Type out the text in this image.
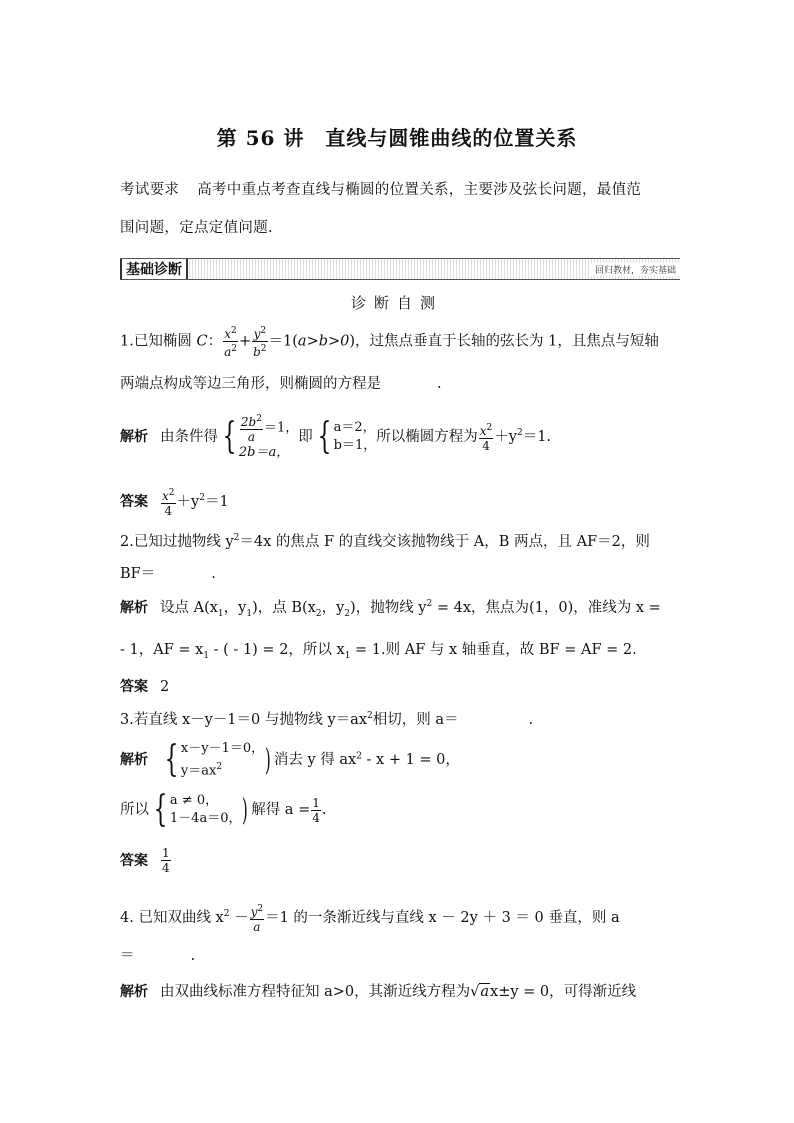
第 56 讲　直线与圆锥曲线的位置关系
考试要求 高考中重点考查直线与椭圆的位置关系，主要涉及弦长问题，最值范
围问题，定点定值问题.
基础诊断	回归教材，夯实基础
诊断自测
1.已知椭圆 C： $\frac{x^2}{a^2} + \frac{y^2}{b^2} =1(a>b>0)$，过焦点垂直于长轴的弦长为 1，且焦点与短轴
两端点构成等边三角形，则椭圆的方程是	.
解析 由条件得 { $\frac{2b^2}{a} =1$，
2b＝a，
即 { a＝2，
b＝1，
所以椭圆方程为 $\frac{x^2}{4} +y^2=1$.
答案 $\frac{x^2}{4} +y^2=1$
2.已知过抛物线 $y^2=4x$ 的焦点 F 的直线交该抛物线于 A，B 两点，且 AF＝2，则
BF＝	.
解析 设点 $A(x_1$，$y_1$)，点 $B(x_2$，$y_2$)，抛物线 $y^2 = 4x$，焦点为(1，0)，准线为 x =
- 1，AF = $x_1$ - ( - 1) = 2，所以 $x_1 = 1$.则 AF 与 x 轴垂直，故 BF = AF = 2.
答案 2
3.若直线 x－y－1＝0 与抛物线 $y=ax^2$相切，则 a＝	.
解析 { x－y－1＝0，
$y=ax^2$	) 消去 y 得 $ax^2 - x + 1 = 0$，
所以 { a ≠ 0，
1－4a＝0， ) 解得 $a = \frac{1}{4}$ .
答案 $\frac{1}{4}$
4. 已知双曲线 $x^2 - \frac{y^2}{a} =1$ 的一条渐近线与直线 x － 2y ＋ 3 ＝ 0 垂直，则 a
＝	.
解析 由双曲线标准方程特征知 a>0，其渐近线方程为√ax±y = 0，可得渐近线
